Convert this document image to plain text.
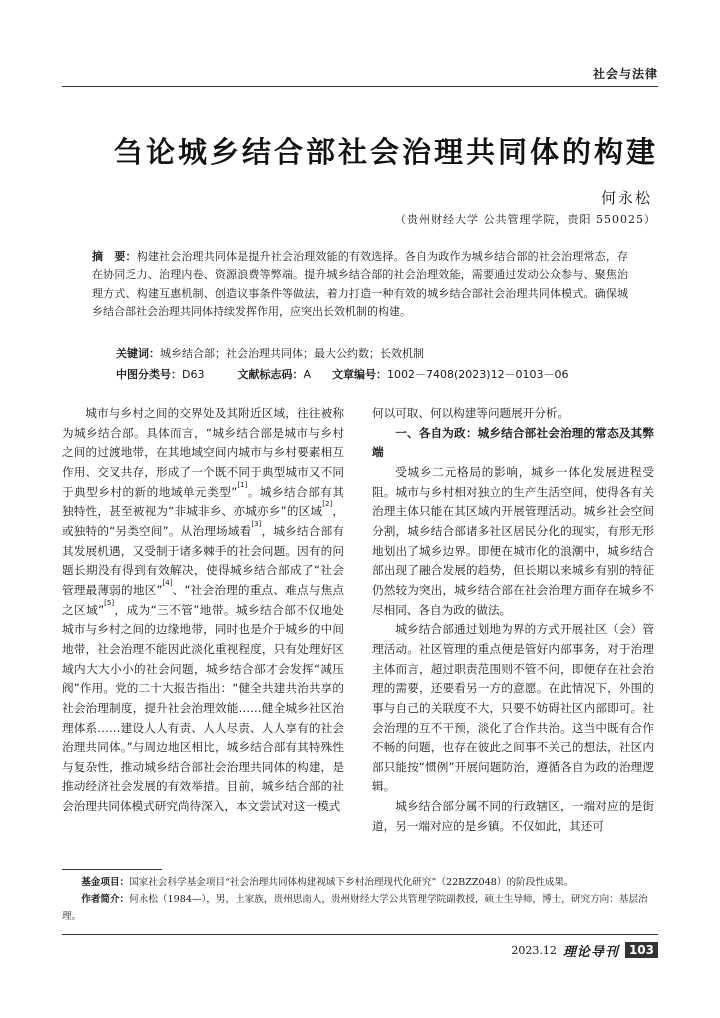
社会与法律
刍论城乡结合部社会治理共同体的构建
何永松
（贵州财经大学 公共管理学院，贵阳 550025）
摘　要：构建社会治理共同体是提升社会治理效能的有效选择。各自为政作为城乡结合部的社会治理常态，存在协同乏力、治理内卷、资源浪费等弊端。提升城乡结合部的社会治理效能，需要通过发动公众参与、聚焦治理方式、构建互惠机制、创造议事条件等做法，着力打造一种有效的城乡结合部社会治理共同体模式。确保城乡结合部社会治理共同体持续发挥作用，应突出长效机制的构建。
关键词：城乡结合部；社会治理共同体；最大公约数；长效机制
中图分类号：D63	文献标志码：A 文章编号：1002－7408(2023)12－0103－06

城市与乡村之间的交界处及其附近区域，往往被称为城乡结合部。具体而言，“城乡结合部是城市与乡村之间的过渡地带，在其地域空间内城市与乡村要素相互作用、交叉共存，形成了一个既不同于典型城市又不同于典型乡村的新的地域单元类型”[1]。城乡结合部有其独特性，甚至被视为“非城非乡、亦城亦乡”的区域[2]，或独特的“另类空间”。从治理场域看[3]，城乡结合部有其发展机遇，又受制于诸多棘手的社会问题。因有的问题长期没有得到有效解决，使得城乡结合部成了“社会管理最薄弱的地区”[4]、“社会治理的重点、难点与焦点之区域”[5]，成为“三不管”地带。城乡结合部不仅地处城市与乡村之间的边缘地带，同时也是介于城乡的中间地带，社会治理不能因此淡化重视程度，只有处理好区域内大大小小的社会问题，城乡结合部才会发挥“减压阀”作用。党的二十大报告指出：“健全共建共治共享的社会治理制度，提升社会治理效能……健全城乡社区治理体系……建设人人有责、人人尽责、人人享有的社会治理共同体。”与周边地区相比，城乡结合部有其特殊性与复杂性，推动城乡结合部社会治理共同体的构建，是推动经济社会发展的有效举措。目前，城乡结合部的社会治理共同体模式研究尚待深入，本文尝试对这一模式

何以可取、何以构建等问题展开分析。

一、各自为政：城乡结合部社会治理的常态及其弊端

受城乡二元格局的影响，城乡一体化发展进程受阻。城市与乡村相对独立的生产生活空间，使得各有关治理主体只能在其区域内开展管理活动。城乡社会空间分割，城乡结合部诸多社区居民分化的现实，有形无形地划出了城乡边界。即便在城市化的浪潮中，城乡结合部出现了融合发展的趋势，但长期以来城乡有别的特征仍然较为突出，城乡结合部在社会治理方面存在城乡不尽相同、各自为政的做法。

城乡结合部通过划地为界的方式开展社区（会）管理活动。社区管理的重点便是管好内部事务，对于治理主体而言，超过职责范围则不管不问，即便存在社会治理的需要，还要看另一方的意愿。在此情况下，外围的事与自己的关联度不大，只要不妨碍社区内部即可。社会治理的互不干预，淡化了合作共治。这当中既有合作不畅的问题，也存在彼此之间事不关己的想法，社区内部只能按“惯例”开展问题防治，遵循各自为政的治理逻辑。

城乡结合部分属不同的行政辖区，一端对应的是街道，另一端对应的是乡镇。不仅如此，其还可

基金项目：国家社会科学基金项目“社会治理共同体构建视域下乡村治理现代化研究”（22BZZ048）的阶段性成果。

作者简介：何永松（1984—），男，土家族，贵州思南人，贵州财经大学公共管理学院副教授，硕士生导师，博士，研究方向：基层治理。

2023.12 理论导刊 103
